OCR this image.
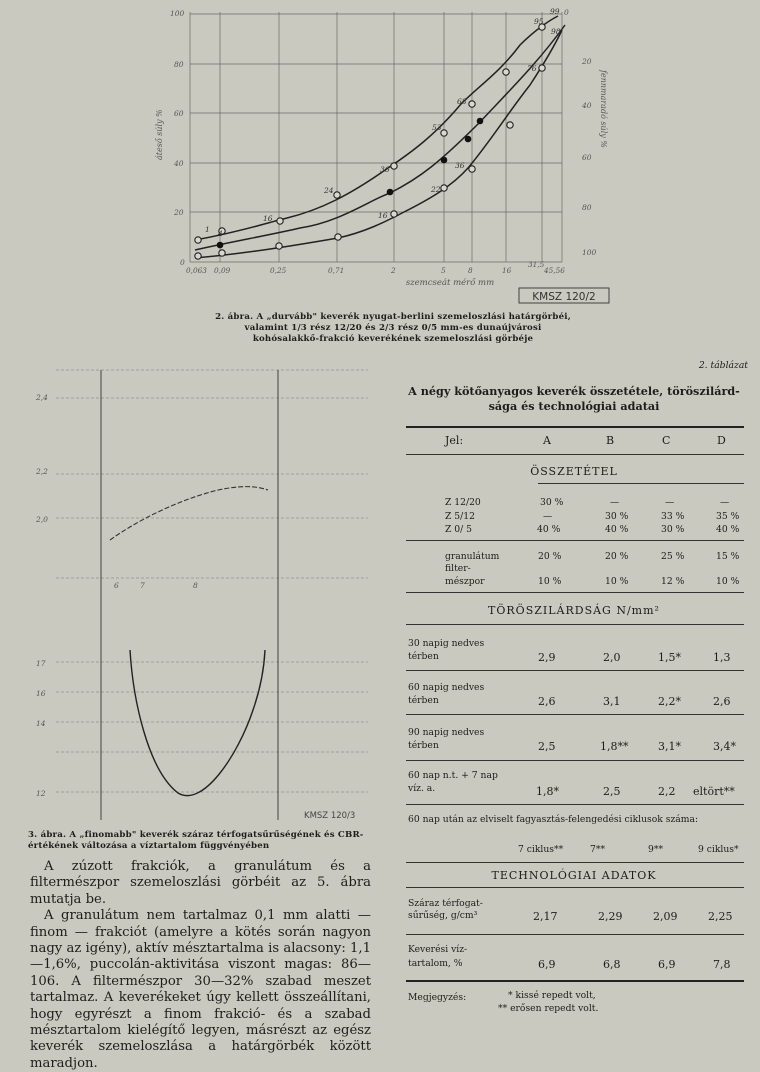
1 4
16
24
36
53
68
95
98
99
16
22
36
76
100
80
60
40
20
0
0
20
40
60
80
100
0,063 0,09	0,25	0,71	2	5	8	16
31,5
45,56
áteső súly %	fennmaradó súly %
szemcseát mérő mm
KMSZ 120/2
2. ábra. A „durvább" keverék nyugat-berlini szemeloszlási határgörbéi, valamint 1/3 rész 12/20 és 2/3 rész 0/5 mm-es dunaújvárosi kohósalakkő-frakció keverékének szemeloszlási görbéje
2,4
2,2
2,0
17
16
14
12
6	7	8
KMSZ 120/3
3. ábra. A „finomabb" keverék száraz térfogatsűrűségének és CBR-értékének változása a víztartalom függvényében

A zúzott frakciók, a granulátum és a filtermészpor szemeloszlási görbéit az 5. ábra mutatja be.

A granulátum nem tartalmaz 0,1 mm alatti — finom — frakciót (amelyre a kötés során nagyon nagy az igény), aktív mésztartalma is alacsony: 1,1—1,6%, puccolán-aktivitása viszont magas: 86—106. A filtermészpor 30—32% szabad meszet tartalmaz. A keverékeket úgy kellett összeállítani, hogy egyrészt a finom frakció- és a szabad mésztartalom kielégítő legyen, másrészt az egész keverék szemeloszlása a határgörbék között maradjon.

2. táblázat
A négy kötőanyagos keverék összetétele, töröszilárd-
sága és technológiai adatai
Jel:	A	B	C	D
ÖSSZETÉTEL
Z 12/20	30 %	—	—	—
Z 5/12	—	30 %	33 %	35 %
Z 0/ 5	40 %	40 %	30 %	40 %
granulátum	20 %	20 %	25 %	15 %
filter-
mészpor	10 %	10 %	12 %	10 %
TÖRÖSZILÁRDSÁG N/mm²
30 napig nedves
térben	2,9	2,0	1,5*	1,3
60 napig nedves
térben	2,6	3,1	2,2*	2,6
90 napig nedves
térben	2,5	1,8**	3,1*	3,4*
60 nap n.t. + 7 nap
víz. a.	1,8*	2,5	2,2 eltört**
60 nap után az elviselt fagyasztás-felengedési ciklusok száma:
7 ciklus**	7**	9**	9 ciklus*
TECHNOLÓGIAI ADATOK
Száraz térfogat-
sűrűség, g/cm³	2,17	2,29	2,09	2,25
Keverési víz-
tartalom, %	6,9	6,8	6,9	7,8
Megjegyzés:	* kissé repedt volt,
** erősen repedt volt.
